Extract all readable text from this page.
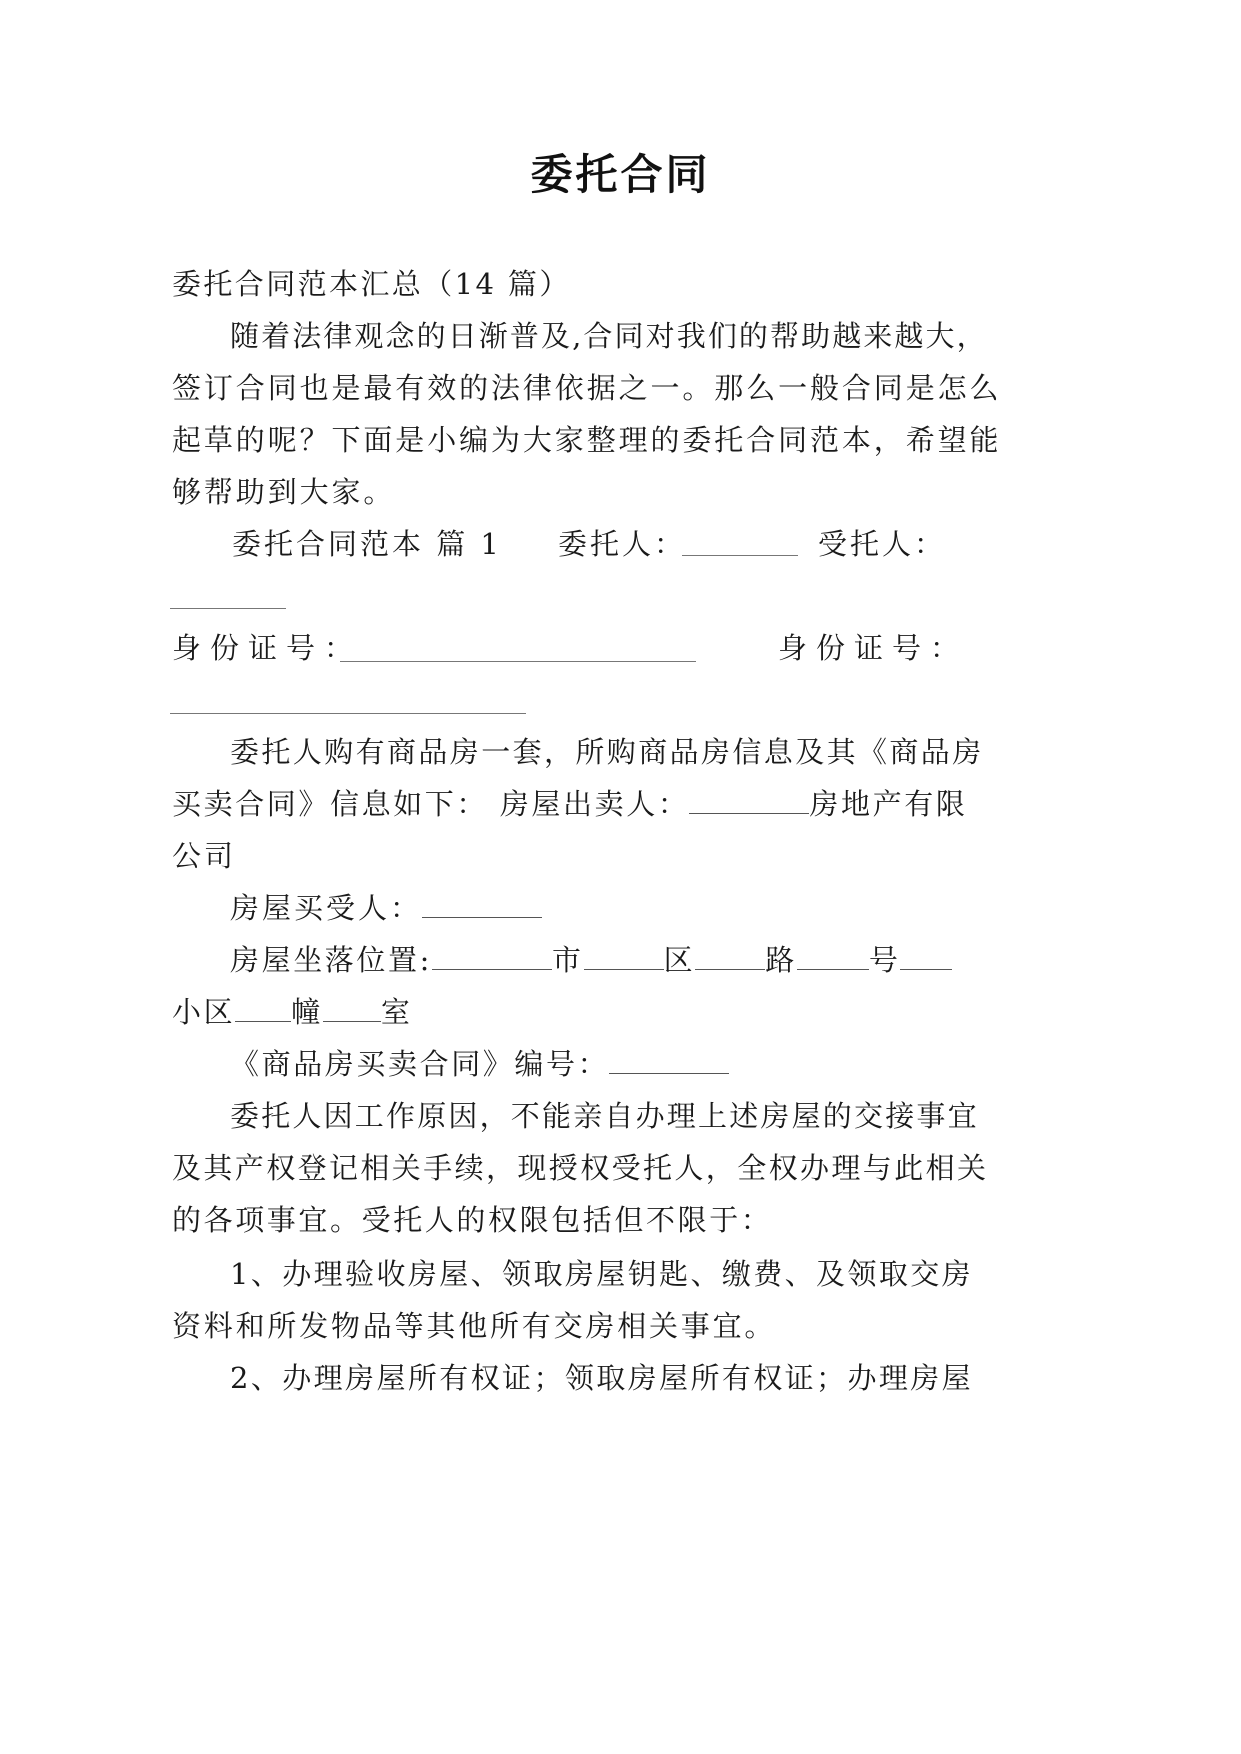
委托合同
委托合同范本汇总（14 篇）
随着法律观念的日渐普及,合同对我们的帮助越来越大，
签订合同也是最有效的法律依据之一。那么一般合同是怎么
起草的呢？下面是小编为大家整理的委托合同范本，希望能
够帮助到大家。
委托合同范本 篇 1 委托人：	受托人：
身份证号：	身份证号：
委托人购有商品房一套，所购商品房信息及其《商品房
买卖合同》信息如下： 房屋出卖人：	房地产有限
公司
房屋买受人：
房屋坐落位置:	市	区 路 号
小区 幢 室
《商品房买卖合同》编号：
委托人因工作原因，不能亲自办理上述房屋的交接事宜
及其产权登记相关手续，现授权受托人，全权办理与此相关
的各项事宜。受托人的权限包括但不限于：
1、办理验收房屋、领取房屋钥匙、缴费、及领取交房
资料和所发物品等其他所有交房相关事宜。
2、办理房屋所有权证；领取房屋所有权证；办理房屋
